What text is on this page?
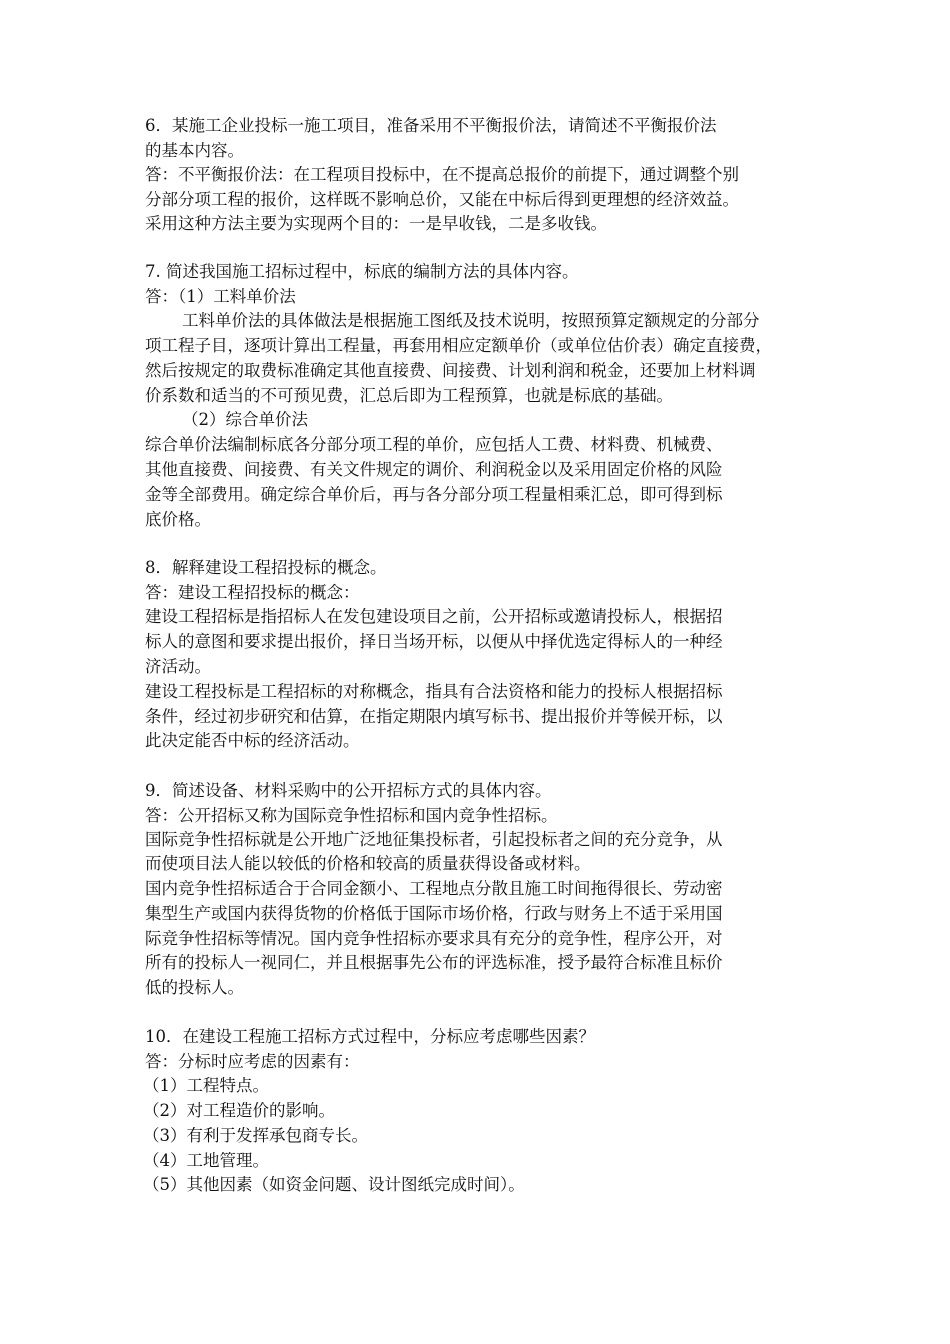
6．某施工企业投标一施工项目，准备采用不平衡报价法，请简述不平衡报价法

的基本内容。

答：不平衡报价法：在工程项目投标中，在不提高总报价的前提下，通过调整个别

分部分项工程的报价，这样既不影响总价，又能在中标后得到更理想的经济效益。

采用这种方法主要为实现两个目的：一是早收钱，二是多收钱。

7. 简述我国施工招标过程中，标底的编制方法的具体内容。

答：（1）工料单价法

工料单价法的具体做法是根据施工图纸及技术说明，按照预算定额规定的分部分

项工程子目，逐项计算出工程量，再套用相应定额单价（或单位估价表）确定直接费，

然后按规定的取费标准确定其他直接费、间接费、计划利润和税金，还要加上材料调

价系数和适当的不可预见费，汇总后即为工程预算，也就是标底的基础。

（2）综合单价法

综合单价法编制标底各分部分项工程的单价，应包括人工费、材料费、机械费、

其他直接费、间接费、有关文件规定的调价、利润税金以及采用固定价格的风险

金等全部费用。确定综合单价后，再与各分部分项工程量相乘汇总，即可得到标

底价格。

8．解释建设工程招投标的概念。

答：建设工程招投标的概念：

建设工程招标是指招标人在发包建设项目之前，公开招标或邀请投标人，根据招

标人的意图和要求提出报价，择日当场开标，以便从中择优选定得标人的一种经

济活动。

建设工程投标是工程招标的对称概念，指具有合法资格和能力的投标人根据招标

条件，经过初步研究和估算，在指定期限内填写标书、提出报价并等候开标，以

此决定能否中标的经济活动。

9．简述设备、材料采购中的公开招标方式的具体内容。

答：公开招标又称为国际竞争性招标和国内竞争性招标。

国际竞争性招标就是公开地广泛地征集投标者，引起投标者之间的充分竞争，从

而使项目法人能以较低的价格和较高的质量获得设备或材料。

国内竞争性招标适合于合同金额小、工程地点分散且施工时间拖得很长、劳动密

集型生产或国内获得货物的价格低于国际市场价格，行政与财务上不适于采用国

际竞争性招标等情况。国内竞争性招标亦要求具有充分的竞争性，程序公开，对

所有的投标人一视同仁，并且根据事先公布的评选标准，授予最符合标准且标价

低的投标人。

10．在建设工程施工招标方式过程中，分标应考虑哪些因素？

答：分标时应考虑的因素有：

（1）工程特点。

（2）对工程造价的影响。

（3）有利于发挥承包商专长。

（4）工地管理。

（5）其他因素（如资金问题、设计图纸完成时间）。
